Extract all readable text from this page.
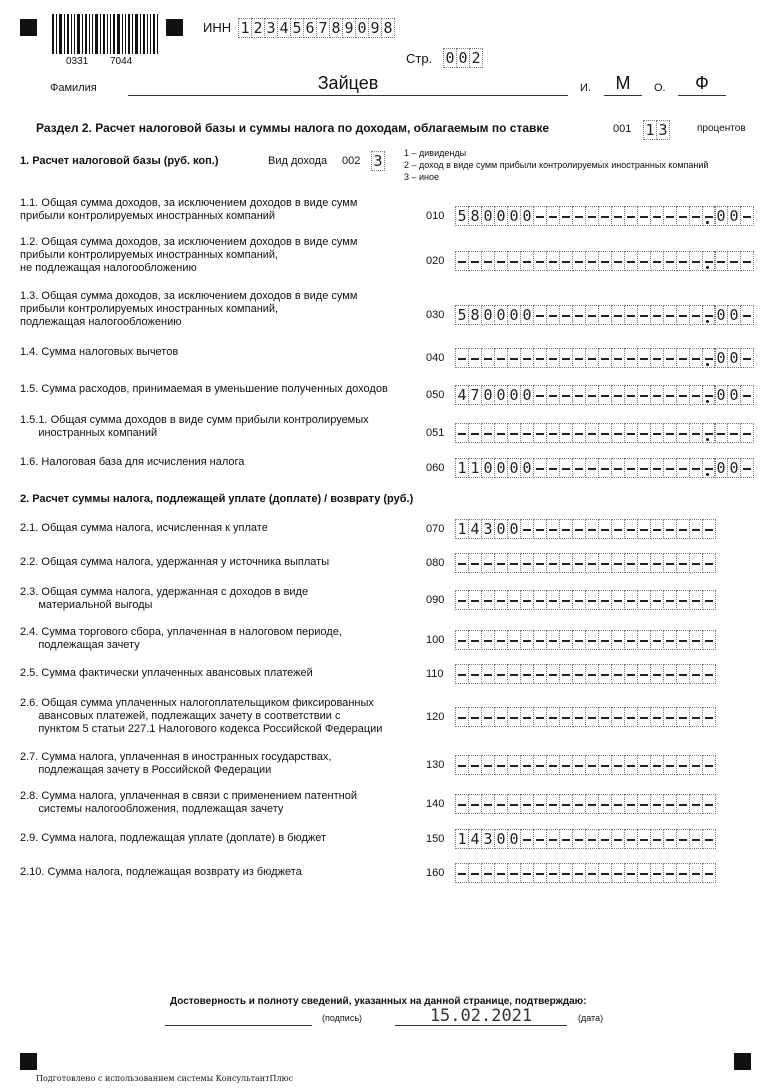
0331 7044
ИНН 1 2 3 4 5 6 7 8 9 0 9 8
Стр. 0 0 2
Фамилия	Зайцев	И.	М	О.	Ф
Раздел 2. Расчет налоговой базы и суммы налога по доходам, облагаемым по ставке	001 1 3	процентов
1. Расчет налоговой базы (руб. коп.)	Вид дохода 002 3 1 – дивиденды
2 – доход в виде сумм прибыли контролируемых иностранных компаний
3 – иное
1.1. Общая сумма доходов, за исключением доходов в виде сумм
прибыли контролируемых иностранных компаний	010 5 8 0 0 0 0	0 0
1.2. Общая сумма доходов, за исключением доходов в виде сумм
прибыли контролируемых иностранных компаний,
не подлежащая налогообложению
020
1.3. Общая сумма доходов, за исключением доходов в виде сумм
прибыли контролируемых иностранных компаний,
подлежащая налогообложению
030 5 8 0 0 0 0	0 0
1.4. Сумма налоговых вычетов	040	0 0
1.5. Сумма расходов, принимаемая в уменьшение полученных доходов	050 4 7 0 0 0 0	0 0
1.5.1. Общая сумма доходов в виде сумм прибыли контролируемых
иностранных компаний	051
1.6. Налоговая база для исчисления налога	060 1 1 0 0 0 0	0 0
2. Расчет суммы налога, подлежащей уплате (доплате) / возврату (руб.)
2.1. Общая сумма налога, исчисленная к уплате	070 1 4 3 0 0
2.2. Общая сумма налога, удержанная у источника выплаты	080
2.3. Общая сумма налога, удержанная с доходов в виде
материальной выгоды	090
2.4. Сумма торгового сбора, уплаченная в налоговом периоде,
подлежащая зачету	100
2.5. Сумма фактически уплаченных авансовых платежей	110
2.6. Общая сумма уплаченных налогоплательщиком фиксированных
авансовых платежей, подлежащих зачету в соответствии с
пунктом 5 статьи 227.1 Налогового кодекса Российской Федерации
120
2.7. Сумма налога, уплаченная в иностранных государствах,
подлежащая зачету в Российской Федерации	130
2.8. Сумма налога, уплаченная в связи с применением патентной
системы налогообложения, подлежащая зачету	140
2.9. Сумма налога, подлежащая уплате (доплате) в бюджет	150 1 4 3 0 0
2.10. Сумма налога, подлежащая возврату из бюджета	160
Достоверность и полноту сведений, указанных на данной странице, подтверждаю:
(подпись)	15.02.2021	(дата)
Подготовлено с использованием системы КонсультантПлюс
